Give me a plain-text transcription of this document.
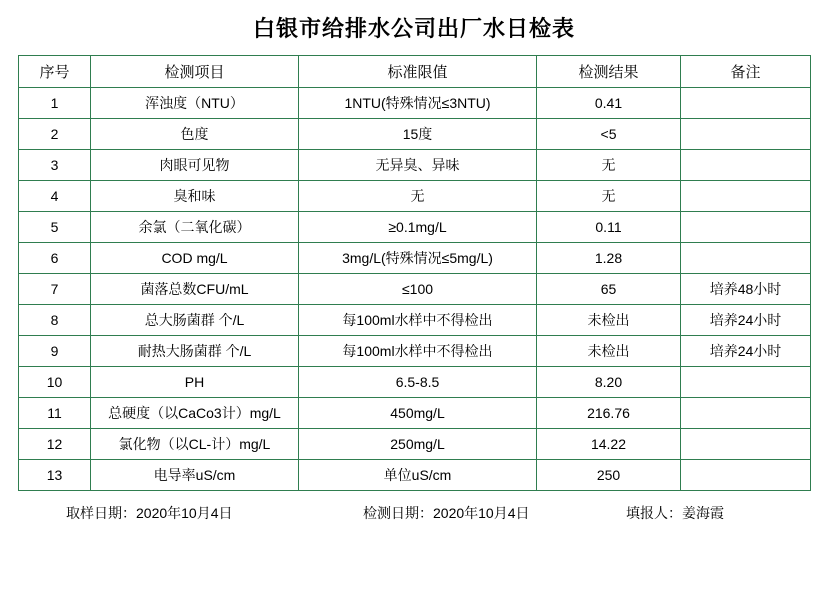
白银市给排水公司出厂水日检表
序号	检测项目	标准限值	检测结果	备注
1	浑浊度（NTU）	1NTU(特殊情况≤3NTU)	0.41	
2	色度	15度	<5	
3	肉眼可见物	无异臭、异味	无	
4	臭和味	无	无	
5	余氯（二氧化碳）	≥0.1mg/L	0.11	
6	COD mg/L	3mg/L(特殊情况≤5mg/L)	1.28	
7	菌落总数CFU/mL	≤100	65	培养48小时
8	总大肠菌群 个/L	每100ml水样中不得检出	未检出	培养24小时
9	耐热大肠菌群 个/L	每100ml水样中不得检出	未检出	培养24小时
10	PH	6.5-8.5	8.20	
11	总硬度（以CaCo3计）mg/L	450mg/L	216.76	
12	氯化物（以CL-计）mg/L	250mg/L	14.22	
13	电导率uS/cm	单位uS/cm	250	
取样日期：2020年10月4日	检测日期：2020年10月4日	填报人：姜海霞
